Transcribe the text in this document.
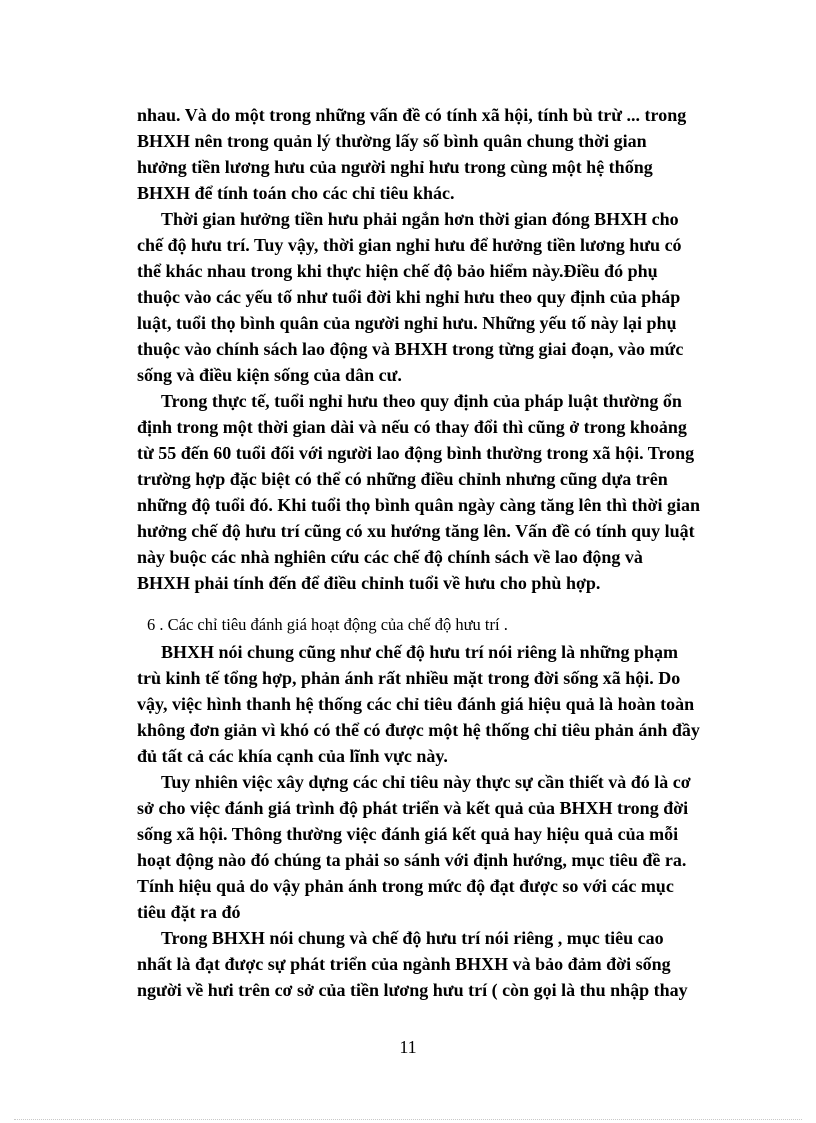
nhau. Và do một trong những vấn đề có tính xã hội, tính bù trừ ... trong
BHXH nên trong quản lý thường lấy số bình quân chung thời gian
hưởng tiền lương hưu của người nghỉ hưu trong cùng một hệ thống
BHXH để tính toán cho các chỉ tiêu khác.
Thời gian hưởng tiền hưu phải ngắn hơn thời gian đóng BHXH cho
chế độ hưu trí. Tuy vậy, thời gian nghỉ hưu để hưởng tiền lương hưu có
thể khác nhau trong khi thực hiện chế độ bảo hiểm này.Điều đó phụ
thuộc vào các yếu tố như tuổi đời khi nghỉ hưu theo quy định của pháp
luật, tuổi thọ bình quân của người nghỉ hưu. Những yếu tố này lại phụ
thuộc vào chính sách lao động và BHXH trong từng giai đoạn, vào mức
sống và điều kiện sống của dân cư.
Trong thực tế, tuổi nghỉ hưu theo quy định của pháp luật thường ổn
định trong một thời gian dài và nếu có thay đổi thì cũng ở trong khoảng
từ 55 đến 60 tuổi đối với người lao động bình thường trong xã hội. Trong
trường hợp đặc biệt có thể có những điều chỉnh nhưng cũng dựa trên
những độ tuổi đó. Khi tuổi thọ bình quân ngày càng tăng lên thì thời gian
hưởng chế độ hưu trí cũng có xu hướng tăng lên. Vấn đề có tính quy luật
này buộc các nhà nghiên cứu các chế độ chính sách về lao động và
BHXH phải tính đến để điều chỉnh tuổi về hưu cho phù hợp.
6 . Các chỉ tiêu đánh giá hoạt động của chế độ hưu trí .
BHXH nói chung cũng như chế độ hưu trí nói riêng là những phạm
trù kinh tế tổng hợp, phản ánh rất nhiều mặt trong đời sống xã hội. Do
vậy, việc hình thanh hệ thống các chỉ tiêu đánh giá hiệu quả là hoàn toàn
không đơn giản vì khó có thể có được một hệ thống chỉ tiêu phản ánh đầy
đủ tất cả các khía cạnh của lĩnh vực này.
Tuy nhiên việc xây dựng các chỉ tiêu này thực sự cần thiết và đó là cơ
sở cho việc đánh giá trình độ phát triển và kết quả của BHXH trong đời
sống xã hội. Thông thường việc đánh giá kết quả hay hiệu quả của mỗi
hoạt động nào đó chúng ta phải so sánh với định hướng, mục tiêu đề ra.
Tính hiệu quả do vậy phản ánh trong mức độ đạt được so với các mục
tiêu đặt ra đó
Trong BHXH nói chung và chế độ hưu trí nói riêng , mục tiêu cao
nhất là đạt được sự phát triển của ngành BHXH và bảo đảm đời sống
người về hưi trên cơ sở của tiền lương hưu trí ( còn gọi là thu nhập thay
11
